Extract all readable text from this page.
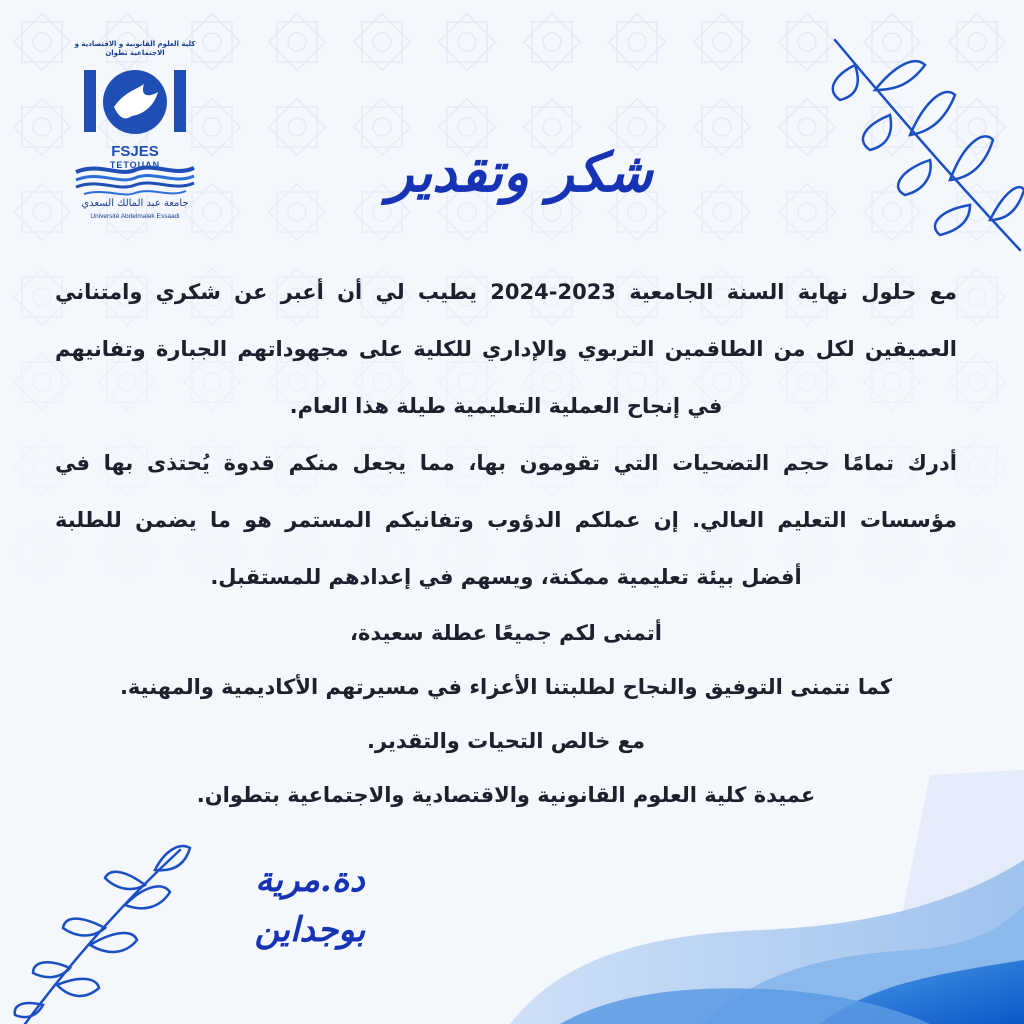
كلية العلوم القانونية و الاقتصادية و الاجتماعية تطوان
FSJES
TETOUAN
جامعة عبد المالك السعدي
Université Abdelmalek Essaadi
شكر وتقدير

مع حلول نهاية السنة الجامعية 2023-2024 يطيب لي أن أعبر عن شكري وامتناني العميقين لكل من الطاقمين التربوي والإداري للكلية على مجهوداتهم الجبارة وتفانيهم في إنجاح العملية التعليمية طيلة هذا العام.

أدرك تمامًا حجم التضحيات التي تقومون بها، مما يجعل منكم قدوة يُحتذى بها في مؤسسات التعليم العالي. إن عملكم الدؤوب وتفانيكم المستمر هو ما يضمن للطلبة أفضل بيئة تعليمية ممكنة، ويسهم في إعدادهم للمستقبل.

أتمنى لكم جميعًا عطلة سعيدة،

كما نتمنى التوفيق والنجاح لطلبتنا الأعزاء في مسيرتهم الأكاديمية والمهنية.

مع خالص التحيات والتقدير.

عميدة كلية العلوم القانونية والاقتصادية والاجتماعية بتطوان.

دة.مرية
بوجداين
